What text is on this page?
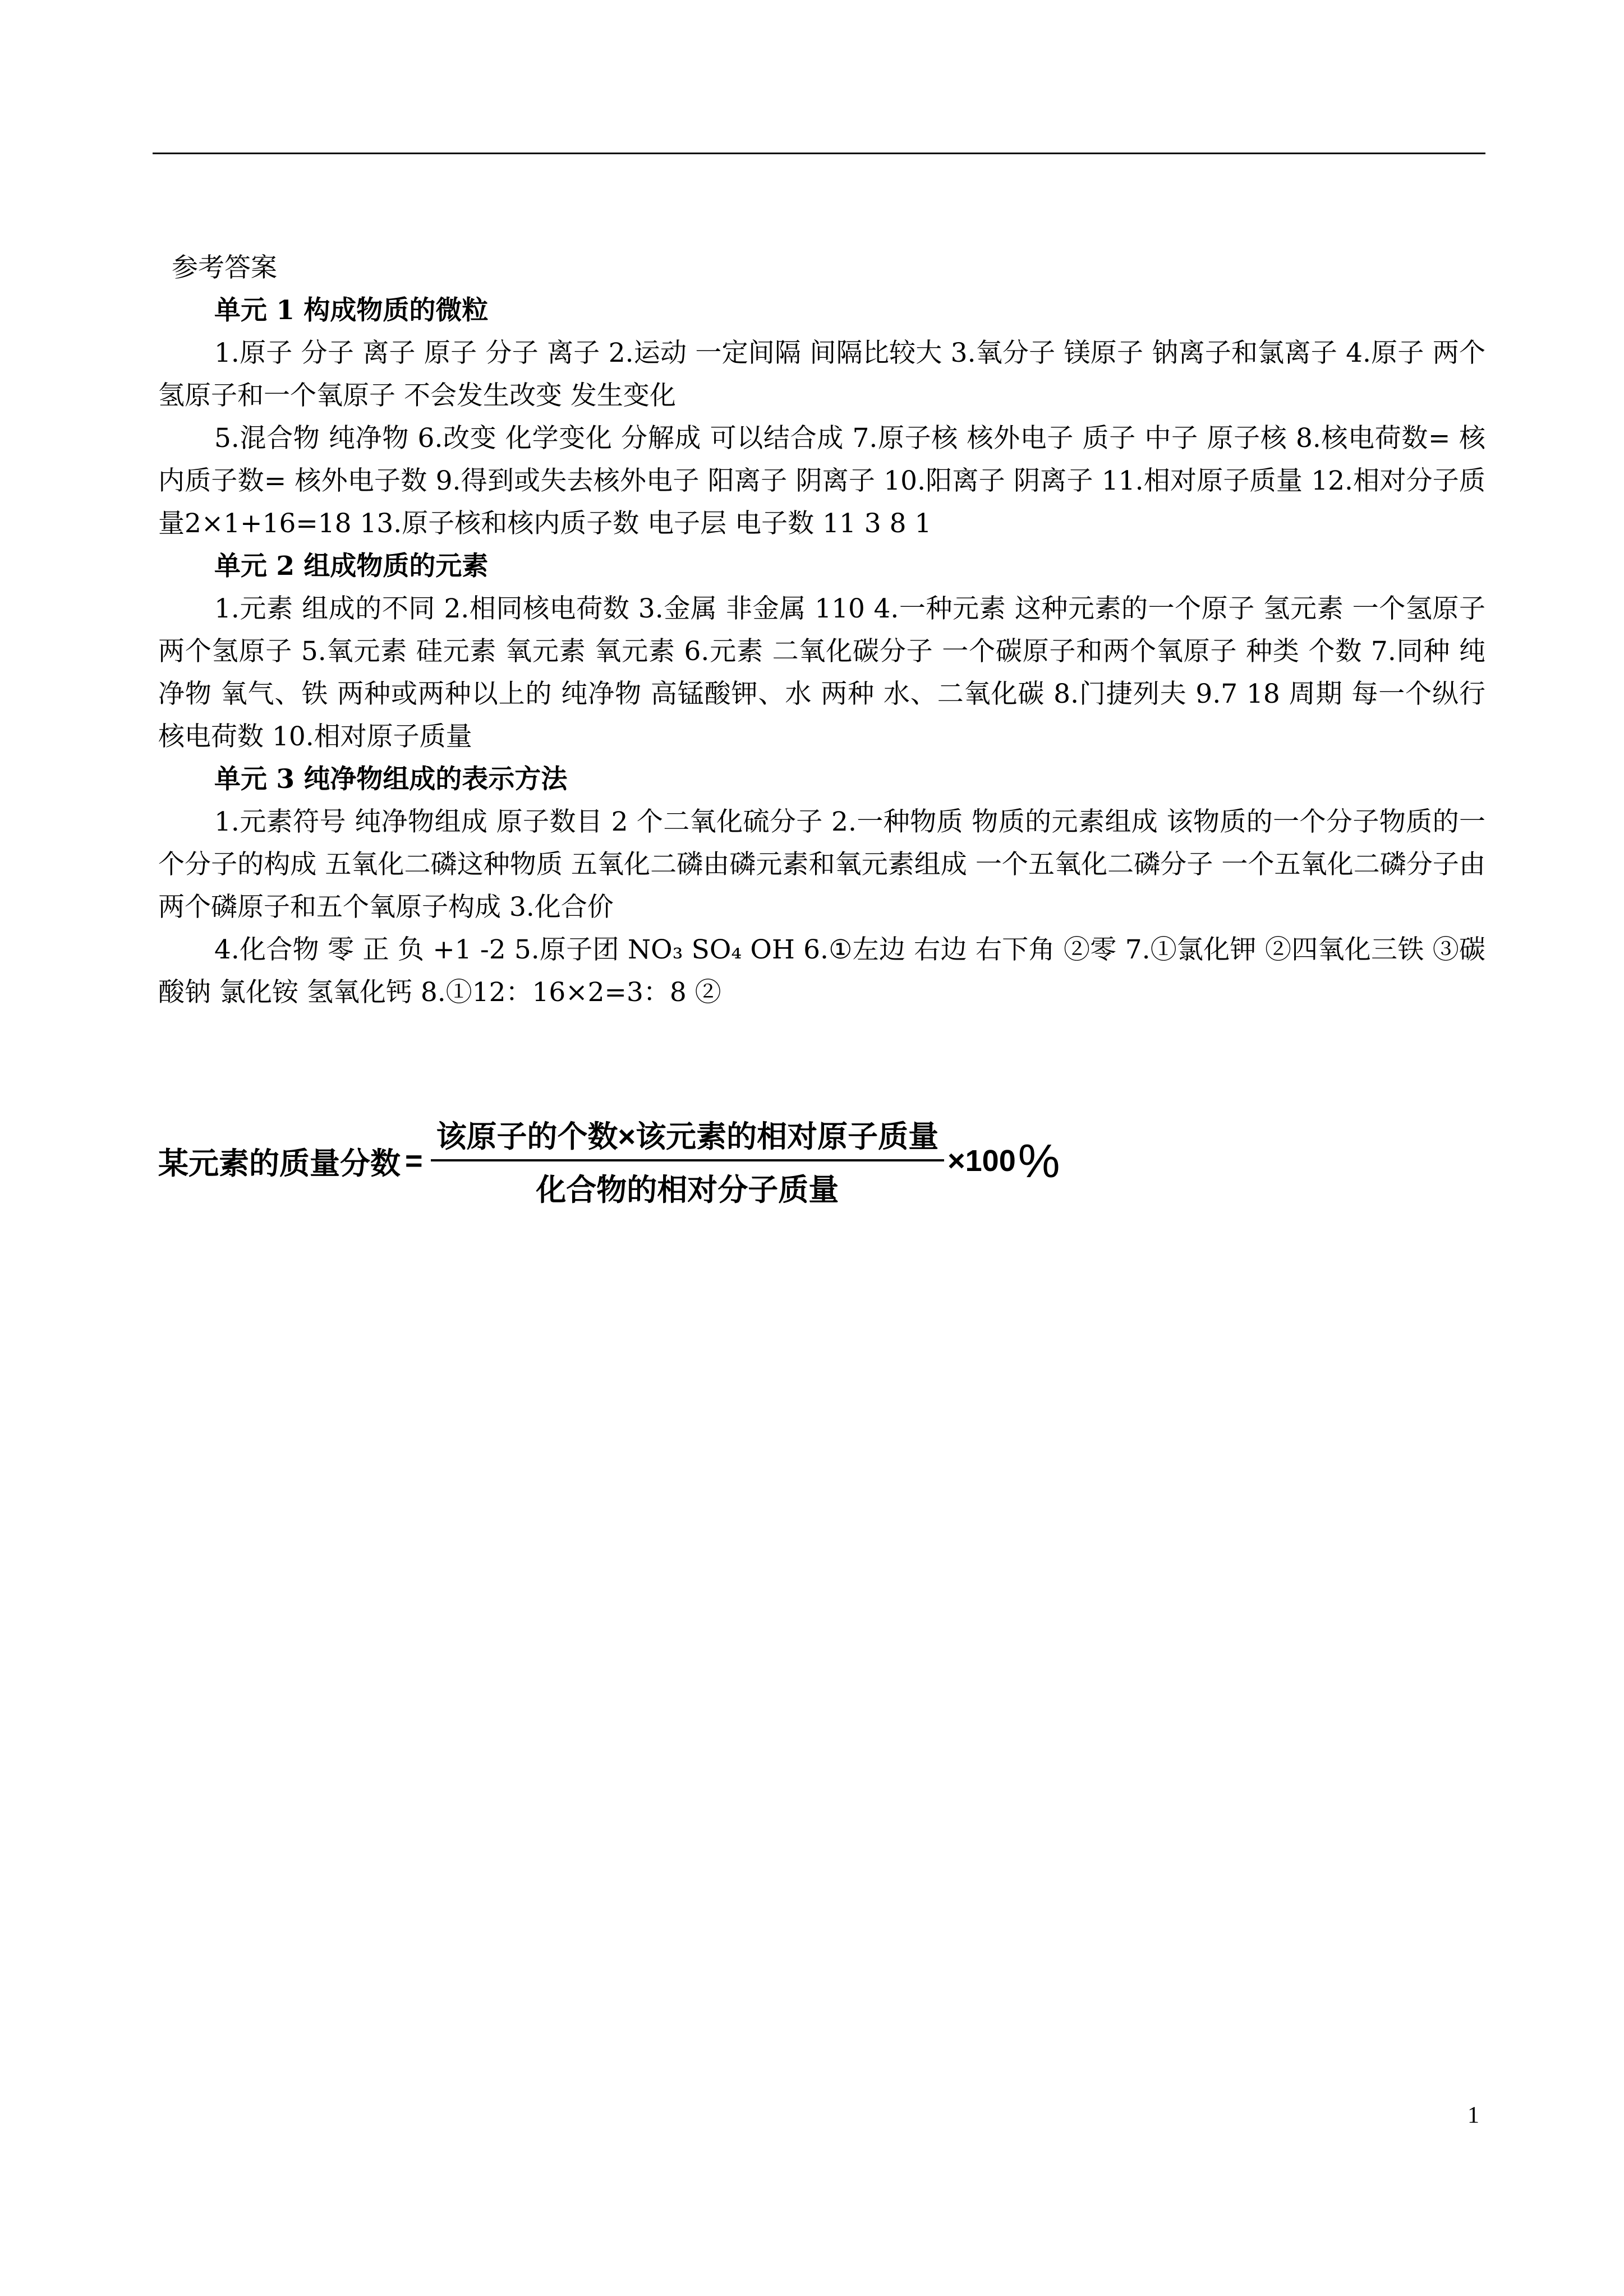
参考答案
单元 1 构成物质的微粒
1.原子 分子 离子 原子 分子 离子 2.运动 一定间隔 间隔比较大 3.氧分子 镁原子 钠离子和氯离子 4.原子 两个氢原子和一个氧原子 不会发生改变 发生变化
5.混合物 纯净物 6.改变 化学变化 分解成 可以结合成 7.原子核 核外电子 质子 中子 原子核 8.核电荷数= 核内质子数= 核外电子数 9.得到或失去核外电子 阳离子 阴离子 10.阳离子 阴离子 11.相对原子质量 12.相对分子质量2×1+16=18 13.原子核和核内质子数 电子层 电子数 11 3 8 1
单元 2 组成物质的元素
1.元素 组成的不同 2.相同核电荷数 3.金属 非金属 110 4.一种元素 这种元素的一个原子 氢元素 一个氢原子 两个氢原子 5.氧元素 硅元素 氧元素 氧元素 6.元素 二氧化碳分子 一个碳原子和两个氧原子 种类 个数 7.同种 纯净物 氧气、铁 两种或两种以上的 纯净物 高锰酸钾、水 两种 水、二氧化碳 8.门捷列夫 9.7 18 周期 每一个纵行 核电荷数 10.相对原子质量
单元 3 纯净物组成的表示方法
1.元素符号 纯净物组成 原子数目 2 个二氧化硫分子 2.一种物质 物质的元素组成 该物质的一个分子物质的一个分子的构成 五氧化二磷这种物质 五氧化二磷由磷元素和氧元素组成 一个五氧化二磷分子 一个五氧化二磷分子由两个磷原子和五个氧原子构成 3.化合价
4.化合物 零 正 负 +1 -2 5.原子团 NO₃ SO₄ OH 6.①左边 右边 右下角 ②零 7.①氯化钾 ②四氧化三铁 ③碳酸钠 氯化铵 氢氧化钙 8.①12：16×2=3：8 ②
某元素的质量分数 = $\frac{\text{该原子的个数×该元素的相对原子质量}}{\text{化合物的相对分子质量}} \times 100$ %
1
